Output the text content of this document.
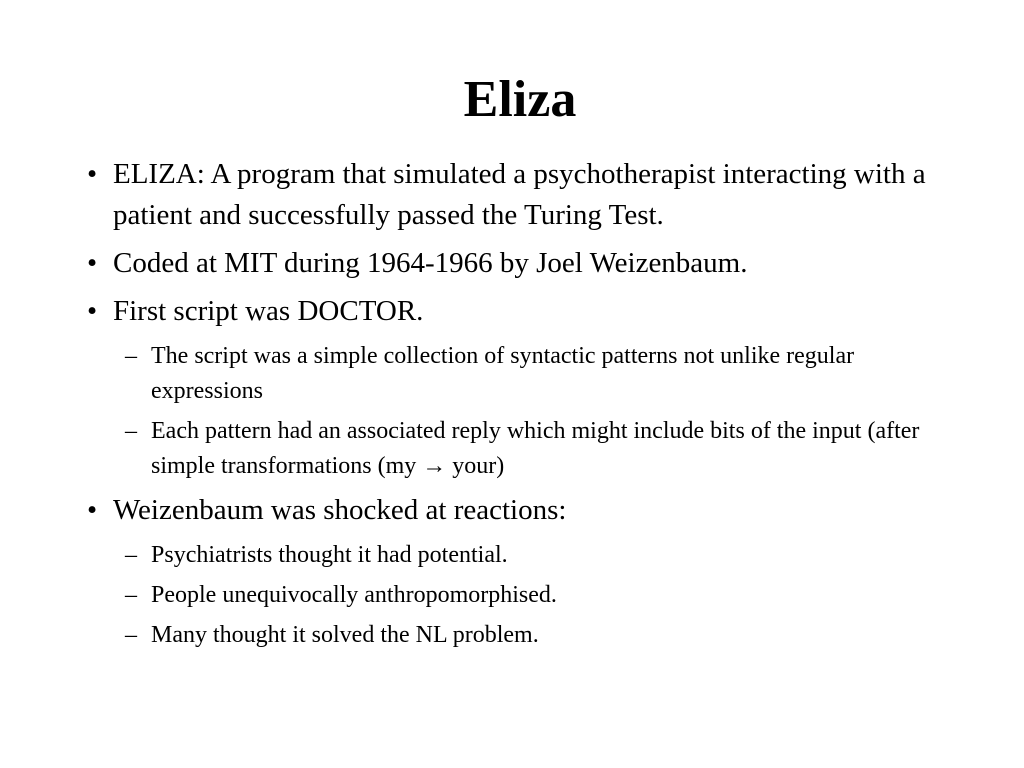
Eliza
• ELIZA: A program that simulated a psychotherapist interacting with a patient and successfully passed the Turing Test.
• Coded at MIT during 1964-1966 by Joel Weizenbaum.
• First script was DOCTOR.
– The script was a simple collection of syntactic patterns not unlike regular expressions
– Each pattern had an associated reply which might include bits of the input (after simple transformations (my → your)
• Weizenbaum was shocked at reactions:
– Psychiatrists thought it had potential.
– People unequivocally anthropomorphised.
– Many thought it solved the NL problem.
